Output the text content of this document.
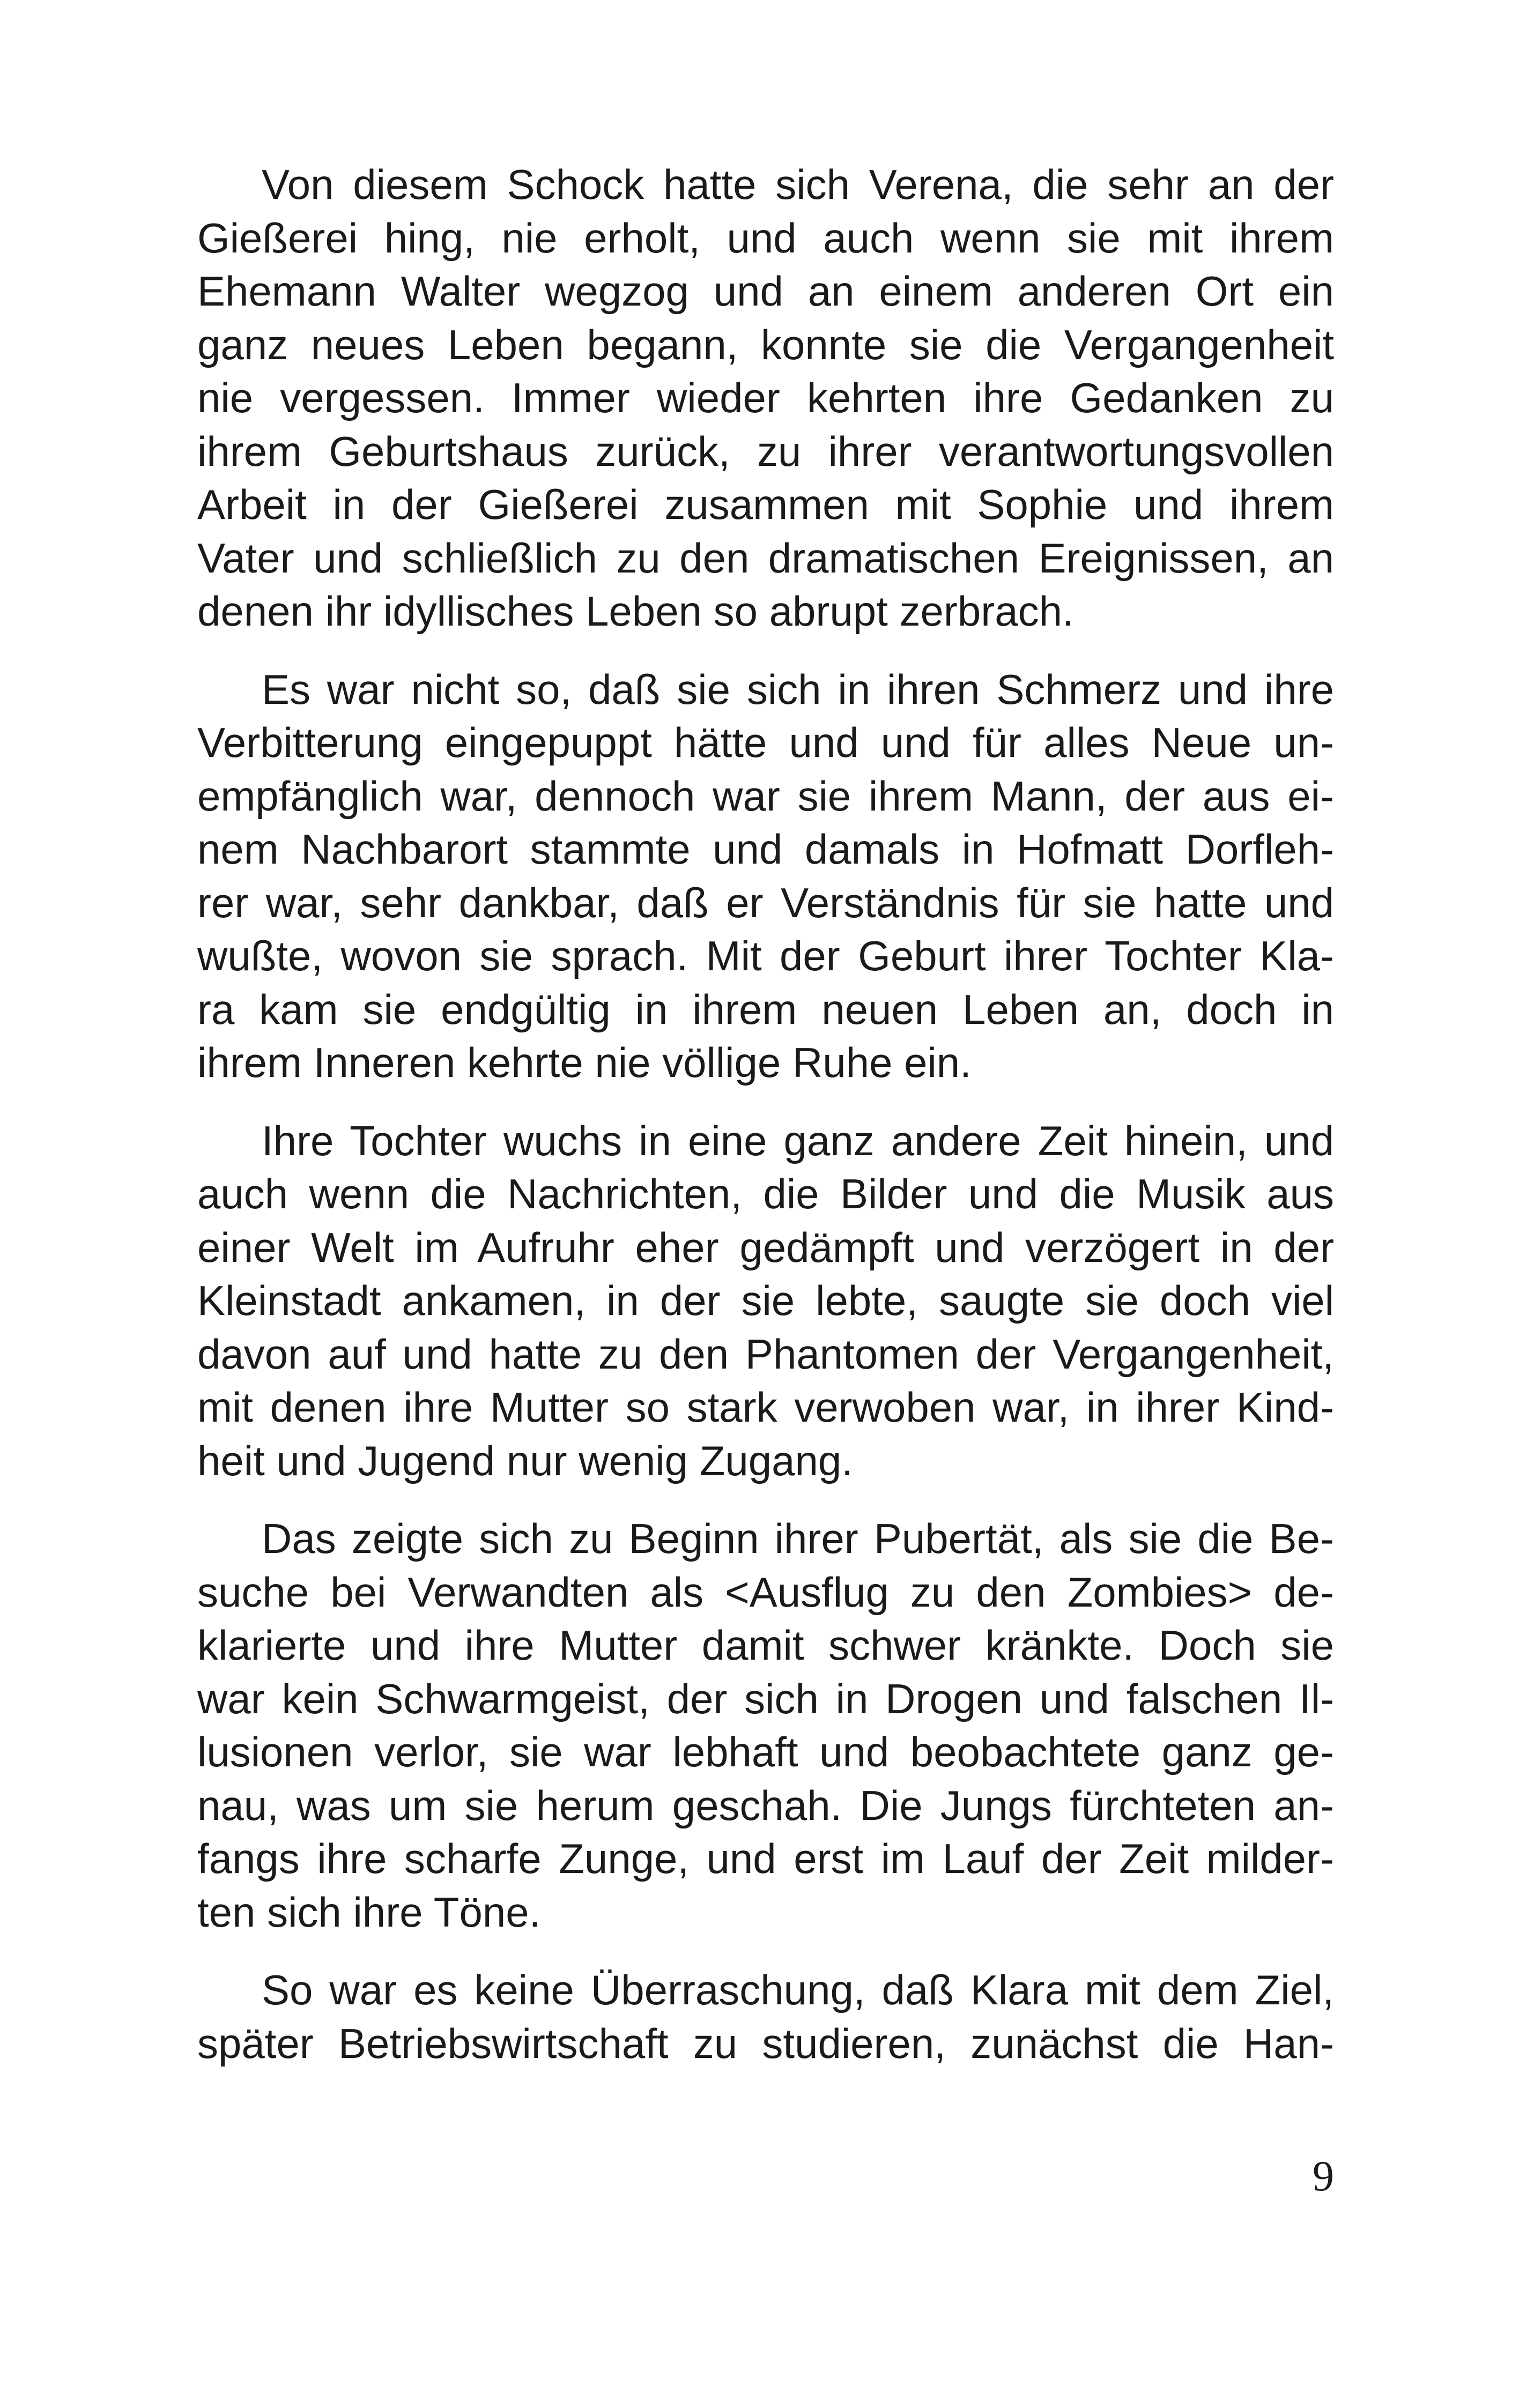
Von diesem Schock hatte sich Verena, die sehr an der
Gießerei hing, nie erholt, und auch wenn sie mit ihrem
Ehemann Walter wegzog und an einem anderen Ort ein
ganz neues Leben begann, konnte sie die Vergangenheit
nie vergessen. Immer wieder kehrten ihre Gedanken zu
ihrem Geburtshaus zurück, zu ihrer verantwortungsvollen
Arbeit in der Gießerei zusammen mit Sophie und ihrem
Vater und schließlich zu den dramatischen Ereignissen, an
denen ihr idyllisches Leben so abrupt zerbrach.
Es war nicht so, daß sie sich in ihren Schmerz und ihre
Verbitterung eingepuppt hätte und und für alles Neue un-
empfänglich war, dennoch war sie ihrem Mann, der aus ei-
nem Nachbarort stammte und damals in Hofmatt Dorfleh-
rer war, sehr dankbar, daß er Verständnis für sie hatte und
wußte, wovon sie sprach. Mit der Geburt ihrer Tochter Kla-
ra kam sie endgültig in ihrem neuen Leben an, doch in
ihrem Inneren kehrte nie völlige Ruhe ein.
Ihre Tochter wuchs in eine ganz andere Zeit hinein, und
auch wenn die Nachrichten, die Bilder und die Musik aus
einer Welt im Aufruhr eher gedämpft und verzögert in der
Kleinstadt ankamen, in der sie lebte, saugte sie doch viel
davon auf und hatte zu den Phantomen der Vergangenheit,
mit denen ihre Mutter so stark verwoben war, in ihrer Kind-
heit und Jugend nur wenig Zugang.
Das zeigte sich zu Beginn ihrer Pubertät, als sie die Be-
suche bei Verwandten als <Ausflug zu den Zombies> de-
klarierte und ihre Mutter damit schwer kränkte. Doch sie
war kein Schwarmgeist, der sich in Drogen und falschen Il-
lusionen verlor, sie war lebhaft und beobachtete ganz ge-
nau, was um sie herum geschah. Die Jungs fürchteten an-
fangs ihre scharfe Zunge, und erst im Lauf der Zeit milder-
ten sich ihre Töne.
So war es keine Überraschung, daß Klara mit dem Ziel,
später Betriebswirtschaft zu studieren, zunächst die Han-
9
